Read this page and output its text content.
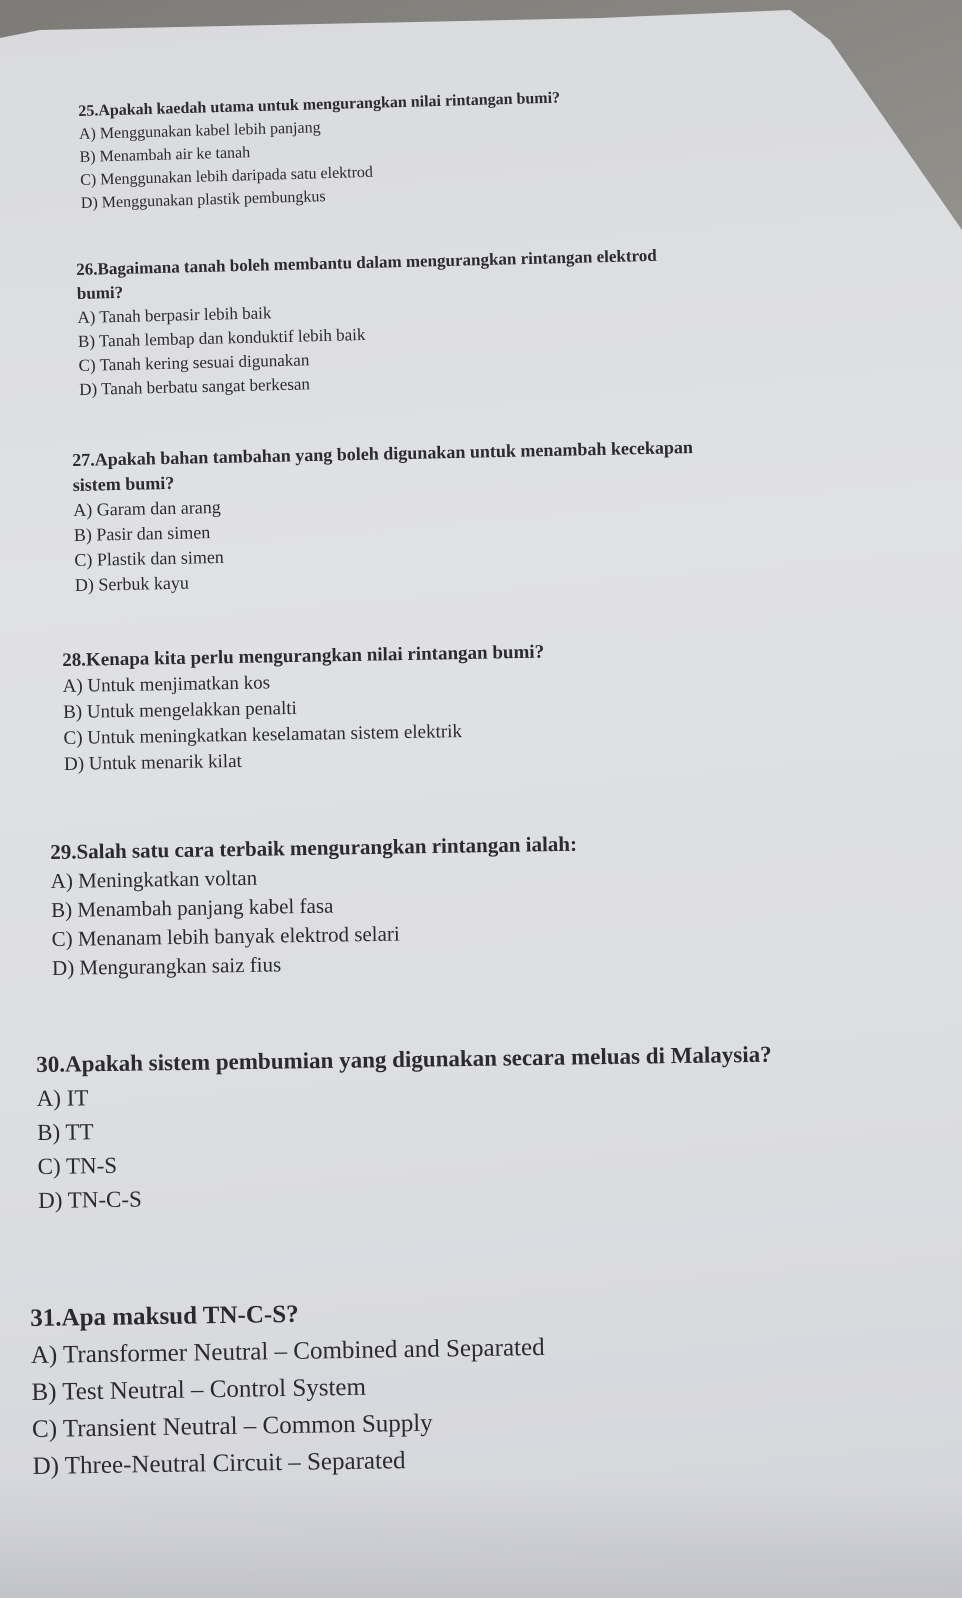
25.Apakah kaedah utama untuk mengurangkan nilai rintangan bumi?
A) Menggunakan kabel lebih panjang
B) Menambah air ke tanah
C) Menggunakan lebih daripada satu elektrod
D) Menggunakan plastik pembungkus
26.Bagaimana tanah boleh membantu dalam mengurangkan rintangan elektrod
bumi?
A) Tanah berpasir lebih baik
B) Tanah lembap dan konduktif lebih baik
C) Tanah kering sesuai digunakan
D) Tanah berbatu sangat berkesan
27.Apakah bahan tambahan yang boleh digunakan untuk menambah kecekapan
sistem bumi?
A) Garam dan arang
B) Pasir dan simen
C) Plastik dan simen
D) Serbuk kayu
28.Kenapa kita perlu mengurangkan nilai rintangan bumi?
A) Untuk menjimatkan kos
B) Untuk mengelakkan penalti
C) Untuk meningkatkan keselamatan sistem elektrik
D) Untuk menarik kilat
29.Salah satu cara terbaik mengurangkan rintangan ialah:
A) Meningkatkan voltan
B) Menambah panjang kabel fasa
C) Menanam lebih banyak elektrod selari
D) Mengurangkan saiz fius
30.Apakah sistem pembumian yang digunakan secara meluas di Malaysia?
A) IT
B) TT
C) TN-S
D) TN-C-S
31.Apa maksud TN-C-S?
A) Transformer Neutral – Combined and Separated
B) Test Neutral – Control System
C) Transient Neutral – Common Supply
D) Three-Neutral Circuit – Separated
